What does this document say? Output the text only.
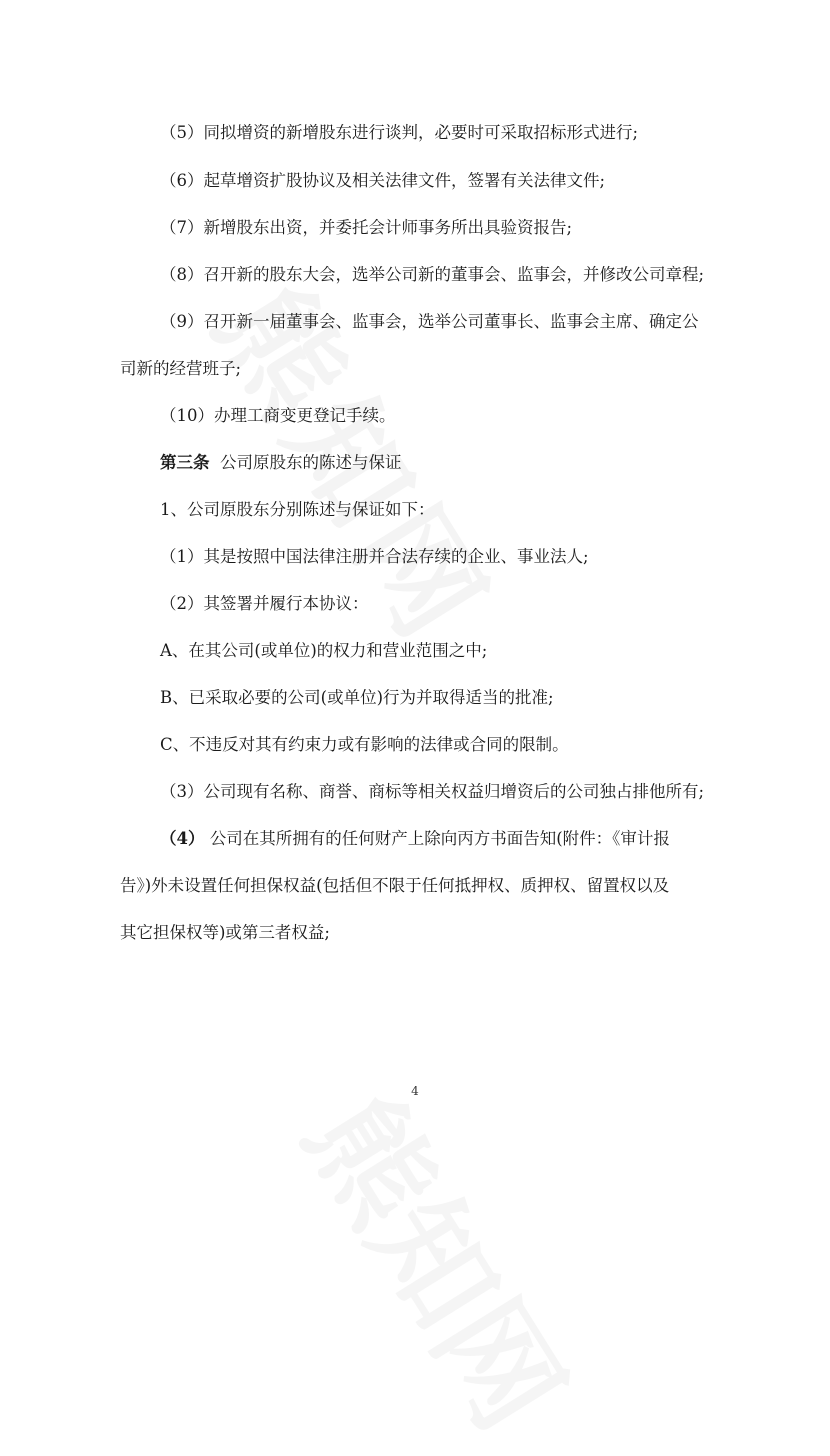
（5）同拟增资的新增股东进行谈判，必要时可采取招标形式进行;
（6）起草增资扩股协议及相关法律文件，签署有关法律文件;
（7）新增股东出资，并委托会计师事务所出具验资报告;
（8）召开新的股东大会，选举公司新的董事会、监事会，并修改公司章程;
（9）召开新一届董事会、监事会，选举公司董事长、监事会主席、确定公
司新的经营班子;
（10）办理工商变更登记手续。
第三条 公司原股东的陈述与保证
1、公司原股东分别陈述与保证如下：
（1）其是按照中国法律注册并合法存续的企业、事业法人;
（2）其签署并履行本协议：
A、在其公司(或单位)的权力和营业范围之中;
B、已采取必要的公司(或单位)行为并取得适当的批准;
C、不违反对其有约束力或有影响的法律或合同的限制。
（3）公司现有名称、商誉、商标等相关权益归增资后的公司独占排他所有;
（4） 公司在其所拥有的任何财产上除向丙方书面告知(附件：《审计报
告》)外未设置任何担保权益(包括但不限于任何抵押权、质押权、留置权以及
其它担保权等)或第三者权益;
4
